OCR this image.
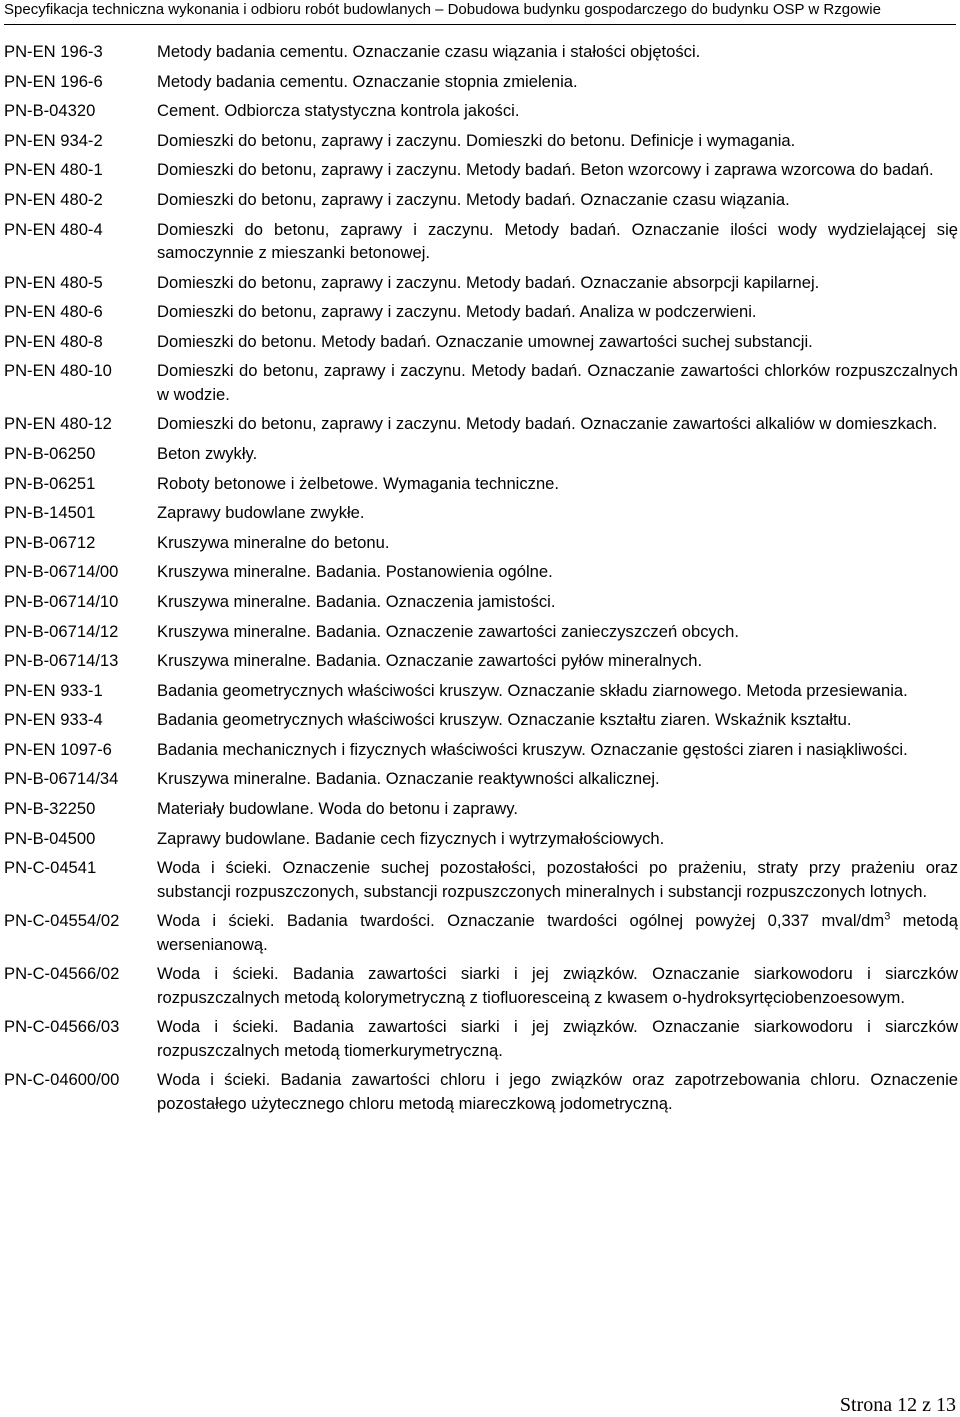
Specyfikacja techniczna wykonania i odbioru robót budowlanych – Dobudowa budynku gospodarczego do budynku OSP w Rzgowie
PN-EN 196-3	Metody badania cementu. Oznaczanie czasu wiązania i stałości objętości.
PN-EN 196-6	Metody badania cementu. Oznaczanie stopnia zmielenia.
PN-B-04320	Cement. Odbiorcza statystyczna kontrola jakości.
PN-EN 934-2	Domieszki do betonu, zaprawy i zaczynu. Domieszki do betonu. Definicje i wymagania.
PN-EN 480-1	Domieszki do betonu, zaprawy i zaczynu. Metody badań. Beton wzorcowy i zaprawa wzorcowa do badań.
PN-EN 480-2	Domieszki do betonu, zaprawy i zaczynu. Metody badań. Oznaczanie czasu wiązania.
PN-EN 480-4	Domieszki do betonu, zaprawy i zaczynu. Metody badań. Oznaczanie ilości wody wydzielającej się samoczynnie z mieszanki betonowej.
PN-EN 480-5	Domieszki do betonu, zaprawy i zaczynu. Metody badań. Oznaczanie absorpcji kapilarnej.
PN-EN 480-6	Domieszki do betonu, zaprawy i zaczynu. Metody badań. Analiza w podczerwieni.
PN-EN 480-8	Domieszki do betonu. Metody badań. Oznaczanie umownej zawartości suchej substancji.
PN-EN 480-10	Domieszki do betonu, zaprawy i zaczynu. Metody badań. Oznaczanie zawartości chlorków rozpuszczalnych w wodzie.
PN-EN 480-12	Domieszki do betonu, zaprawy i zaczynu. Metody badań. Oznaczanie zawartości alkaliów w domieszkach.
PN-B-06250	Beton zwykły.
PN-B-06251	Roboty betonowe i żelbetowe. Wymagania techniczne.
PN-B-14501	Zaprawy budowlane zwykłe.
PN-B-06712	Kruszywa mineralne do betonu.
PN-B-06714/00	Kruszywa mineralne. Badania. Postanowienia ogólne.
PN-B-06714/10	Kruszywa mineralne. Badania. Oznaczenia jamistości.
PN-B-06714/12	Kruszywa mineralne. Badania. Oznaczenie zawartości zanieczyszczeń obcych.
PN-B-06714/13	Kruszywa mineralne. Badania. Oznaczanie zawartości pyłów mineralnych.
PN-EN 933-1	Badania geometrycznych właściwości kruszyw. Oznaczanie składu ziarnowego. Metoda przesiewania.
PN-EN 933-4	Badania geometrycznych właściwości kruszyw. Oznaczanie kształtu ziaren. Wskaźnik kształtu.
PN-EN 1097-6	Badania mechanicznych i fizycznych właściwości kruszyw. Oznaczanie gęstości ziaren i nasiąkliwości.
PN-B-06714/34	Kruszywa mineralne. Badania. Oznaczanie reaktywności alkalicznej.
PN-B-32250	Materiały budowlane. Woda do betonu i zaprawy.
PN-B-04500	Zaprawy budowlane. Badanie cech fizycznych i wytrzymałościowych.
PN-C-04541	Woda i ścieki. Oznaczenie suchej pozostałości, pozostałości po prażeniu, straty przy prażeniu oraz substancji rozpuszczonych, substancji rozpuszczonych mineralnych i substancji rozpuszczonych lotnych.
PN-C-04554/02	Woda i ścieki. Badania twardości. Oznaczanie twardości ogólnej powyżej 0,337 mval/$dm^3$ metodą wersenianową.
PN-C-04566/02	Woda i ścieki. Badania zawartości siarki i jej związków. Oznaczanie siarkowodoru i siarczków rozpuszczalnych metodą kolorymetryczną z tiofluoresceiną z kwasem o-hydroksyrtęciobenzoesowym.
PN-C-04566/03	Woda i ścieki. Badania zawartości siarki i jej związków. Oznaczanie siarkowodoru i siarczków rozpuszczalnych metodą tiomerkurymetryczną.
PN-C-04600/00	Woda i ścieki. Badania zawartości chloru i jego związków oraz zapotrzebowania chloru. Oznaczenie pozostałego użytecznego chloru metodą miareczkową jodometryczną.
Strona 12 z 13
